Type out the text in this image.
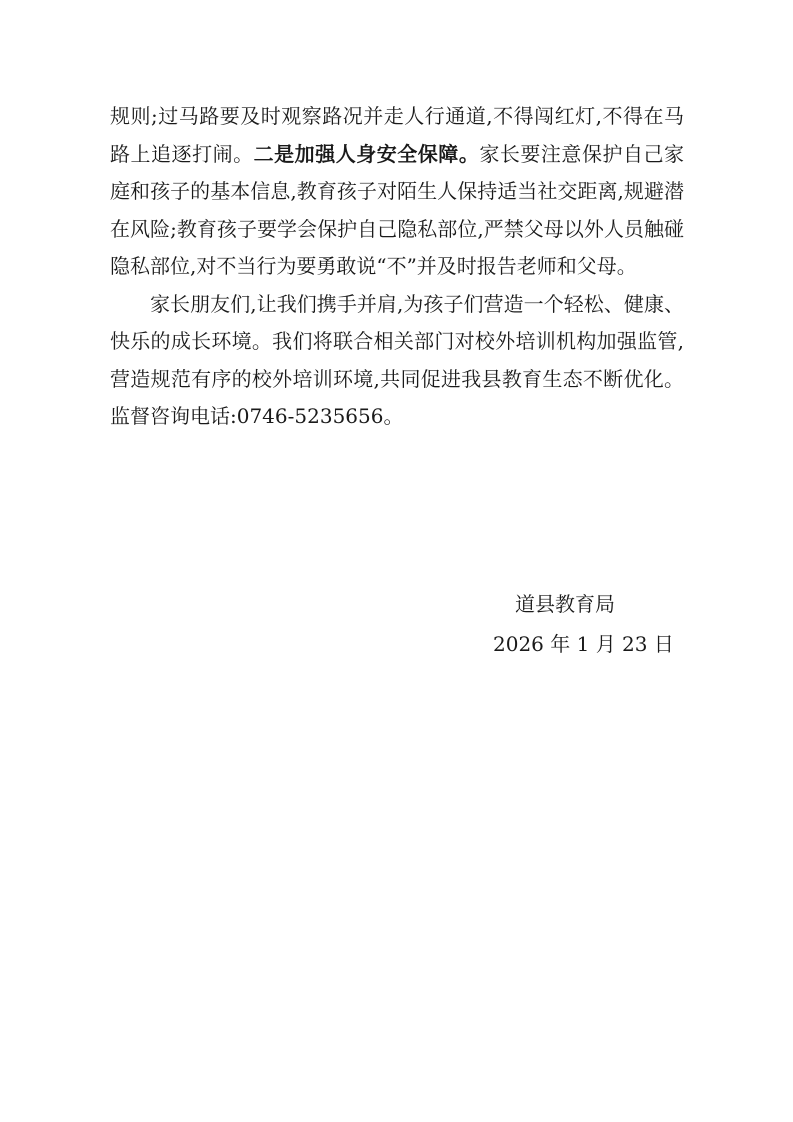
规则;过马路要及时观察路况并走人行通道,不得闯红灯,不得在马路上追逐打闹。二是加强人身安全保障。家长要注意保护自己家庭和孩子的基本信息,教育孩子对陌生人保持适当社交距离,规避潜在风险;教育孩子要学会保护自己隐私部位,严禁父母以外人员触碰隐私部位,对不当行为要勇敢说“不”并及时报告老师和父母。

家长朋友们,让我们携手并肩,为孩子们营造一个轻松、健康、快乐的成长环境。我们将联合相关部门对校外培训机构加强监管,营造规范有序的校外培训环境,共同促进我县教育生态不断优化。监督咨询电话:0746-5235656。

道县教育局
2026 年 1 月 23 日
